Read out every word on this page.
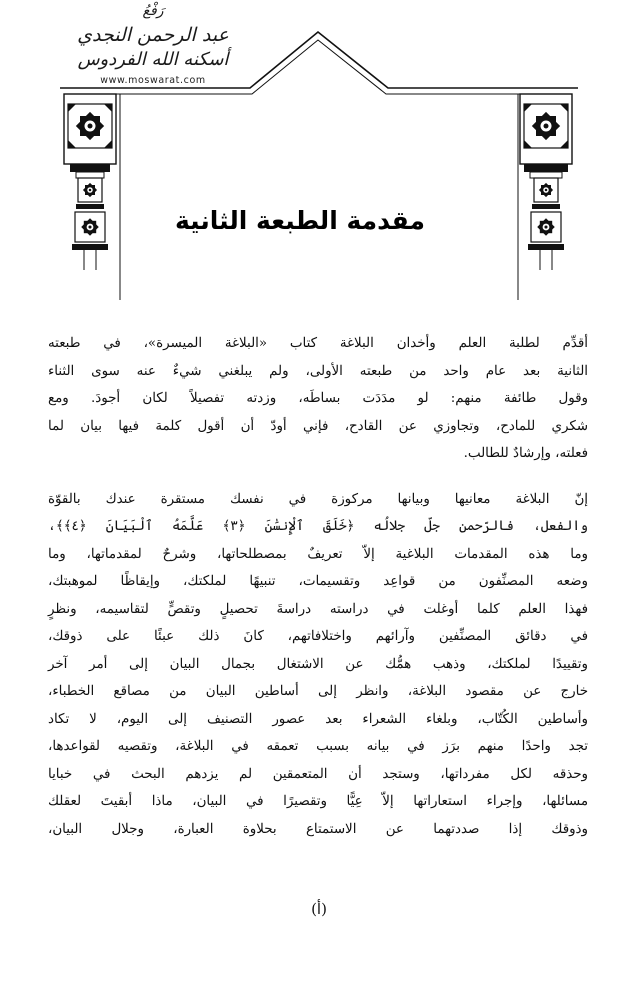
رَفْعُ
عبد الرحمن النجدي
أسكنه الله الفردوس
www.moswarat.com
مقدمة الطبعة الثانية
أقدِّم لطلبة العلم وأخدان البلاغة كتاب «البلاغة الميسرة»، في طبعته
الثانية بعد عام واحد من طبعته الأولى، ولم يبلغني شيءٌ عنه سوى الثناء
وقول طائفة منهم: لو مدَدَت بساطَه، وزدته تفصيلاً لكان أجودَ. ومع
شكري للمادح، وتجاوزي عن القادح، فإني أودّ أن أقول كلمة فيها بيان لما
فعلته، وإرشادٌ للطالب.
إنّ البلاغة معانيها وبيانها مركوزة في نفسك مستقرة عندك بالقوّة
والفعل، فالرّحمن جلّ جلالُه ﴿خَلَقَ ٱلْإِنسَٰنَ ﴿٣﴾ عَلَّمَهُ ٱلْبَيَانَ ﴿٤﴾﴾،
وما هذه المقدمات البلاغية إلاّ تعريفٌ بمصطلحاتها، وشرحٌ لمقدماتها، وما
وضعه المصنِّفون من قواعِد وتقسيمات، تنبيهًا لملكتك، وإيقاظًا لموهبتك،
فهذا العلم كلما أوغلت في دراسته دراسةَ تحصيلٍ وتقصٍّ لتقاسيمه، ونظرٍ
في دقائق المصنِّفين وآرائهم واختلافاتهم، كانَ ذلك عبئًا على ذوقك،
وتقييدًا لملكتك، وذهب همُّك عن الاشتغال بجمال البيان إلى أمر آخر
خارج عن مقصود البلاغة، وانظر إلى أساطين البيان من مصاقع الخطباء،
وأساطين الكُتّاب، وبلغاء الشعراء بعد عصور التصنيف إلى اليوم، لا تكاد
تجد واحدًا منهم برَز في بيانه بسبب تعمقه في البلاغة، وتقصيه لقواعدها،
وحذقه لكل مفرداتها، وستجد أن المتعمقين لم يزدهم البحث في خبايا
مسائلها، وإجراء استعاراتها إلاّ عِيًّا وتقصيرًا في البيان، ماذا أبقيتَ لعقلك
وذوقك إذا صددتهما عن الاستمتاع بحلاوة العبارة، وجلال البيان،
(أ)
